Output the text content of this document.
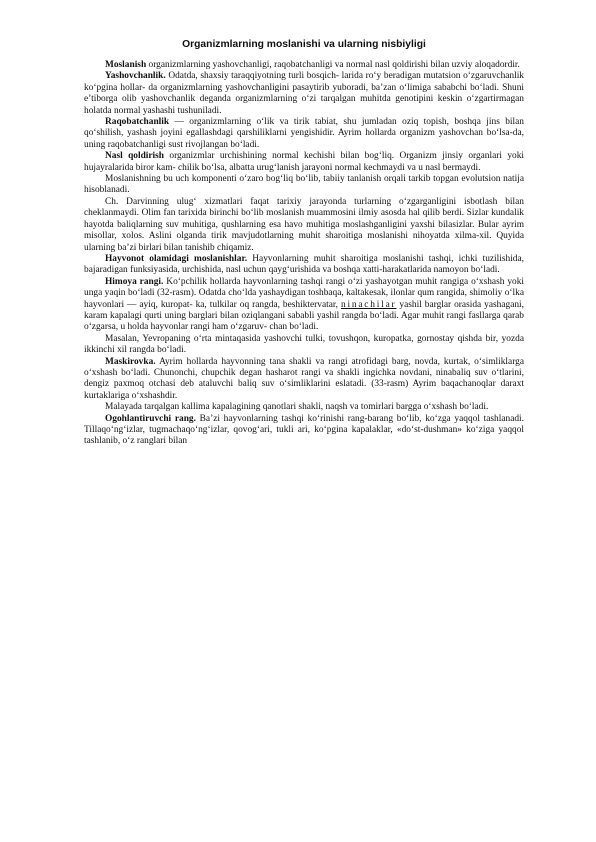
Organizmlarning moslanishi va ularning nisbiyligi

Moslanish organizmlarning yashovchanligi, raqobatchanligi va normal nasl qoldirishi bilan uzviy aloqadordir.

Yashovchanlik. Odatda, shaxsiy taraqqiyotning turli bosqich- larida ro‘y beradigan mutatsion o‘zgaruvchanlik ko‘pgina hollar- da organizmlarning yashovchanligini pasaytirib yuboradi, ba’zan o‘limiga sababchi bo‘ladi. Shuni e’tiborga olib yashovchanlik deganda organizmlarning o‘zi tarqalgan muhitda genotipini keskin o‘zgartirmagan holatda normal yashashi tushuniladi.

Raqobatchanlik — organizmlarning o‘lik va tirik tabiat, shu jumladan oziq topish, boshqa jins bilan qo‘shilish, yashash joyini egallashdagi qarshiliklarni yengishidir. Ayrim hollarda organizm yashovchan bo‘lsa-da, uning raqobatchanligi sust rivojlangan bo‘ladi.

Nasl qoldirish organizmlar urchishining normal kechishi bilan bog‘liq. Organizm jinsiy organlari yoki hujayralarida biror kam- chilik bo‘lsa, albatta urug‘lanish jarayoni normal kechmaydi va u nasl bermaydi.

Moslanishning bu uch komponenti o‘zaro bog‘liq bo‘lib, tabiiy tanlanish orqali tarkib topgan evolutsion natija hisoblanadi.

Ch. Darvinning ulug‘ xizmatlari faqat tarixiy jarayonda turlarning o‘zgarganligini isbotlash bilan cheklanmaydi. Olim fan tarixida birinchi bo‘lib moslanish muammosini ilmiy asosda hal qilib berdi. Sizlar kundalik hayotda baliqlarning suv muhitiga, qushlarning esa havo muhitiga moslashganligini yaxshi bilasizlar. Bular ayrim misollar, xolos. Aslini olganda tirik mavjudotlarning muhit sharoitiga moslanishi nihoyatda xilma-xil. Quyida ularning ba’zi birlari bilan tanishib chiqamiz.

Hayvonot olamidagi moslanishlar. Hayvonlarning muhit sharoitiga moslanishi tashqi, ichki tuzilishida, bajaradigan funksiyasida, urchishida, nasl uchun qayg‘urishida va boshqa xatti-harakatlarida namoyon bo‘ladi.

Himoya rangi. Ko‘pchilik hollarda hayvonlarning tashqi rangi o‘zi yashayotgan muhit rangiga o‘xshash yoki unga yaqin bo‘ladi (32-rasm). Odatda cho‘lda yashaydigan toshbaqa, kaltakesak, ilonlar qum rangida, shimoliy o‘lka hayvonlari — ayiq, kuropat- ka, tulkilar oq rangda, beshiktervatar, ninachilar yashil barglar orasida yashagani, karam kapalagi qurti uning barglari bilan oziqlangani sababli yashil rangda bo‘ladi. Agar muhit rangi fasllarga qarab o‘zgarsa, u holda hayvonlar rangi ham o‘zgaruv- chan bo‘ladi.

Masalan, Yevropaning o‘rta mintaqasida yashovchi tulki, tovushqon, kuropatka, gornostay qishda bir, yozda ikkinchi xil rangda bo‘ladi.

Maskirovka. Ayrim hollarda hayvonning tana shakli va rangi atrofidagi barg, novda, kurtak, o‘simliklarga o‘xshash bo‘ladi. Chunonchi, chupchik degan hasharot rangi va shakli ingichka novdani, ninabaliq suv o‘tlarini, dengiz paxmoq otchasi deb ataluvchi baliq suv o‘simliklarini eslatadi. (33-rasm) Ayrim baqachanoqlar daraxt kurtaklariga o‘xshashdir.

Malayada tarqalgan kallima kapalagining qanotlari shakli, naqsh va tomirlari bargga o‘xshash bo‘ladi.

Ogohlantiruvchi rang. Ba’zi hayvonlarning tashqi ko‘rinishi rang-barang bo‘lib, ko‘zga yaqqol tashlanadi. Tillaqo‘ng‘izlar, tugmachaqo‘ng‘izlar, qovog‘ari, tukli ari, ko‘pgina kapalaklar, «do‘st-dushman» ko‘ziga yaqqol tashlanib, o‘z ranglari bilan
